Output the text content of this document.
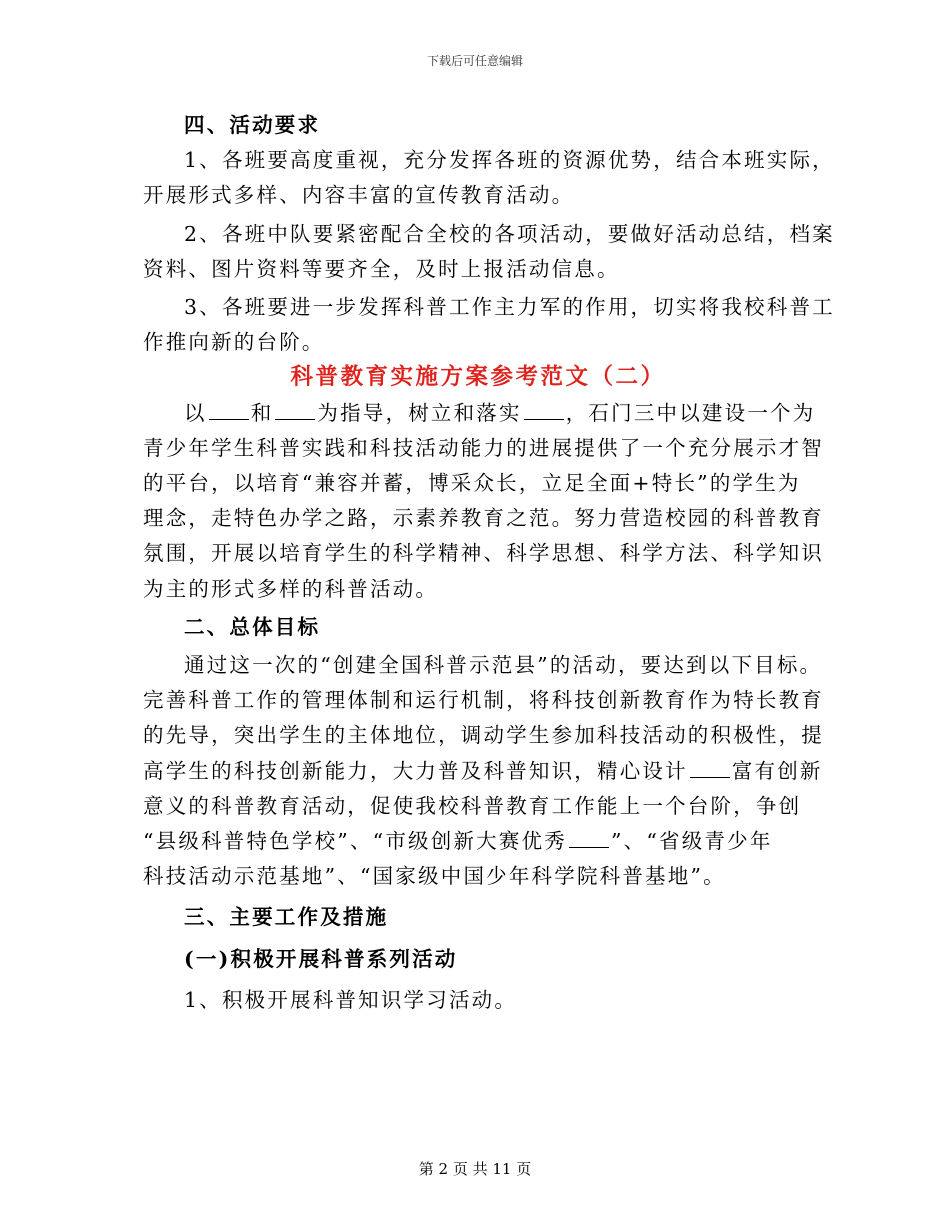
下载后可任意编辑
四、活动要求
1、各班要高度重视，充分发挥各班的资源优势，结合本班实际，
开展形式多样、内容丰富的宣传教育活动。
2、各班中队要紧密配合全校的各项活动，要做好活动总结，档案
资料、图片资料等要齐全，及时上报活动信息。
3、各班要进一步发挥科普工作主力军的作用，切实将我校科普工
作推向新的台阶。
科普教育实施方案参考范文（二）
以 和 为指导，树立和落实 ，石门三中以建设一个为
青少年学生科普实践和科技活动能力的进展提供了一个充分展示才智
的平台，以培育“兼容并蓄，博采众长，立足全面+特长”的学生为
理念，走特色办学之路，示素养教育之范。努力营造校园的科普教育
氛围，开展以培育学生的科学精神、科学思想、科学方法、科学知识
为主的形式多样的科普活动。
二、总体目标
通过这一次的“创建全国科普示范县”的活动，要达到以下目标。
完善科普工作的管理体制和运行机制，将科技创新教育作为特长教育
的先导，突出学生的主体地位，调动学生参加科技活动的积极性，提
高学生的科技创新能力，大力普及科普知识，精心设计 富有创新
意义的科普教育活动，促使我校科普教育工作能上一个台阶，争创
“县级科普特色学校”、“市级创新大赛优秀 ”、“省级青少年
科技活动示范基地”、“国家级中国少年科学院科普基地”。
三、主要工作及措施
(一)积极开展科普系列活动
1、积极开展科普知识学习活动。
第 2 页 共 11 页
